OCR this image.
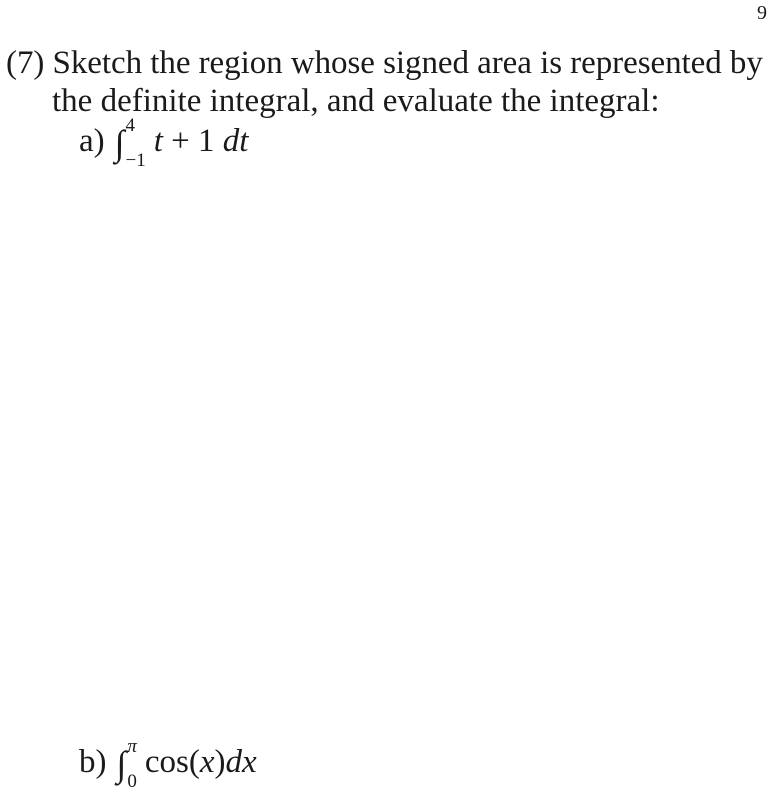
9
(7) Sketch the region whose signed area is represented by
the definite integral, and evaluate the integral:
a) ∫ 4
−1
t + 1 dt
b) ∫ π
0
cos(x)dx
